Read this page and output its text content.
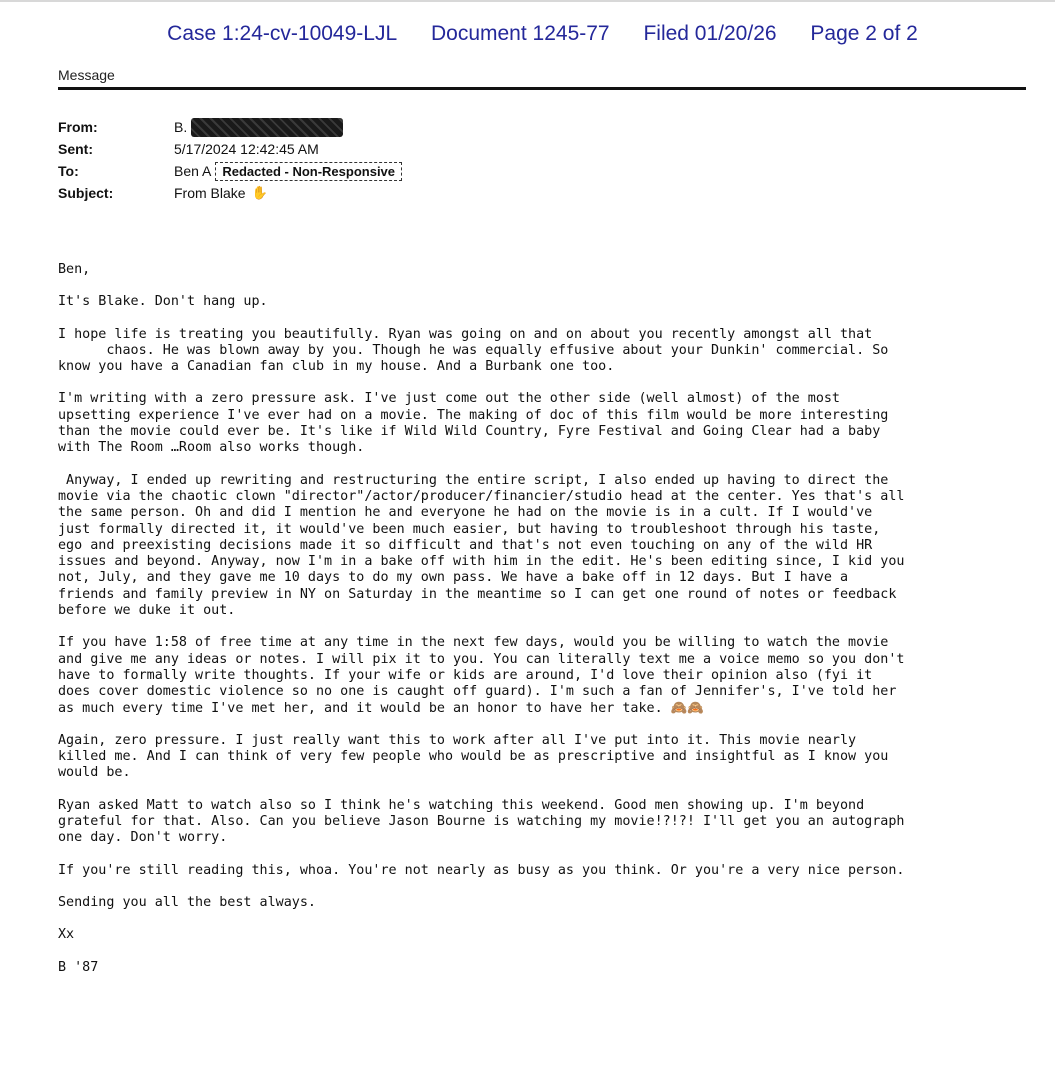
Case 1:24-cv-10049-LJL Document 1245-77 Filed 01/20/26 Page 2 of 2
Message
From:	B.
Sent:	5/17/2024 12:42:45 AM
To:	Ben A Redacted - Non-Responsive
Subject:	From Blake ✋

Ben,

It's Blake. Don't hang up.

I hope life is treating you beautifully. Ryan was going on and on about you recently amongst all that
chaos. He was blown away by you. Though he was equally effusive about your Dunkin' commercial. So
know you have a Canadian fan club in my house. And a Burbank one too.

I'm writing with a zero pressure ask. I've just come out the other side (well almost) of the most
upsetting experience I've ever had on a movie. The making of doc of this film would be more interesting
than the movie could ever be. It's like if Wild Wild Country, Fyre Festival and Going Clear had a baby
with The Room …Room also works though.

Anyway, I ended up rewriting and restructuring the entire script, I also ended up having to direct the
movie via the chaotic clown "director"/actor/producer/financier/studio head at the center. Yes that's all
the same person. Oh and did I mention he and everyone he had on the movie is in a cult. If I would've
just formally directed it, it would've been much easier, but having to troubleshoot through his taste,
ego and preexisting decisions made it so difficult and that's not even touching on any of the wild HR
issues and beyond. Anyway, now I'm in a bake off with him in the edit. He's been editing since, I kid you
not, July, and they gave me 10 days to do my own pass. We have a bake off in 12 days. But I have a
friends and family preview in NY on Saturday in the meantime so I can get one round of notes or feedback
before we duke it out.

If you have 1:58 of free time at any time in the next few days, would you be willing to watch the movie
and give me any ideas or notes. I will pix it to you. You can literally text me a voice memo so you don't
have to formally write thoughts. If your wife or kids are around, I'd love their opinion also (fyi it
does cover domestic violence so no one is caught off guard). I'm such a fan of Jennifer's, I've told her
as much every time I've met her, and it would be an honor to have her take. 🙈🙈

Again, zero pressure. I just really want this to work after all I've put into it. This movie nearly
killed me. And I can think of very few people who would be as prescriptive and insightful as I know you
would be.

Ryan asked Matt to watch also so I think he's watching this weekend. Good men showing up. I'm beyond
grateful for that. Also. Can you believe Jason Bourne is watching my movie!?!?! I'll get you an autograph
one day. Don't worry.

If you're still reading this, whoa. You're not nearly as busy as you think. Or you're a very nice person.

Sending you all the best always.

Xx

B '87
